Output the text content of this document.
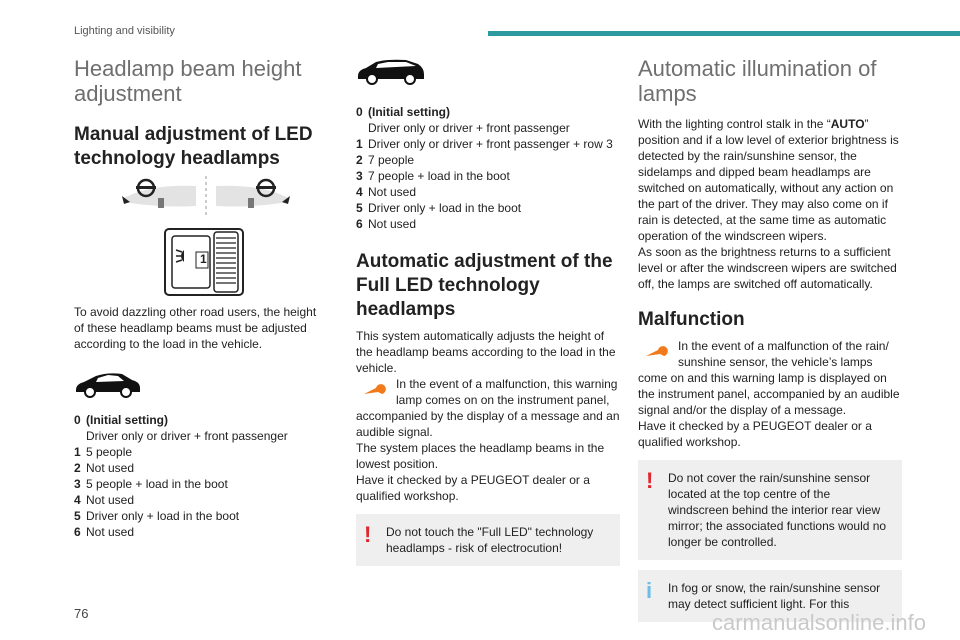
Lighting and visibility
Headlamp beam height adjustment
Manual adjustment of LED technology headlamps
1
To avoid dazzling other road users, the height of these headlamp beams must be adjusted according to the load in the vehicle.
0 (Initial setting)
Driver only or driver + front passenger
1 5 people
2 Not used
3 5 people + load in the boot
4 Not used
5 Driver only + load in the boot
6 Not used
0 (Initial setting)
Driver only or driver + front passenger
1 Driver only or driver + front passenger + row 3
2 7 people
3 7 people + load in the boot
4 Not used
5 Driver only + load in the boot
6 Not used
Automatic adjustment of the Full LED technology headlamps
This system automatically adjusts the height of the headlamp beams according to the load in the vehicle.
In the event of a malfunction, this warning lamp comes on on the instrument panel, accompanied by the display of a message and an audible signal.
The system places the headlamp beams in the lowest position.
Have it checked by a PEUGEOT dealer or a qualified workshop.
! Do not touch the "Full LED" technology headlamps - risk of electrocution!
Automatic illumination of lamps
With the lighting control stalk in the “AUTO” position and if a low level of exterior brightness is detected by the rain/sunshine sensor, the sidelamps and dipped beam headlamps are switched on automatically, without any action on the part of the driver. They may also come on if rain is detected, at the same time as automatic operation of the windscreen wipers.
As soon as the brightness returns to a sufficient level or after the windscreen wipers are switched off, the lamps are switched off automatically.
Malfunction
In the event of a malfunction of the rain/ sunshine sensor, the vehicle’s lamps come on and this warning lamp is displayed on the instrument panel, accompanied by an audible signal and/or the display of a message.
Have it checked by a PEUGEOT dealer or a qualified workshop.
! Do not cover the rain/sunshine sensor located at the top centre of the windscreen behind the interior rear view mirror; the associated functions would no longer be controlled.
i In fog or snow, the rain/sunshine sensor may detect sufficient light. For this
76	carmanualsonline.info
